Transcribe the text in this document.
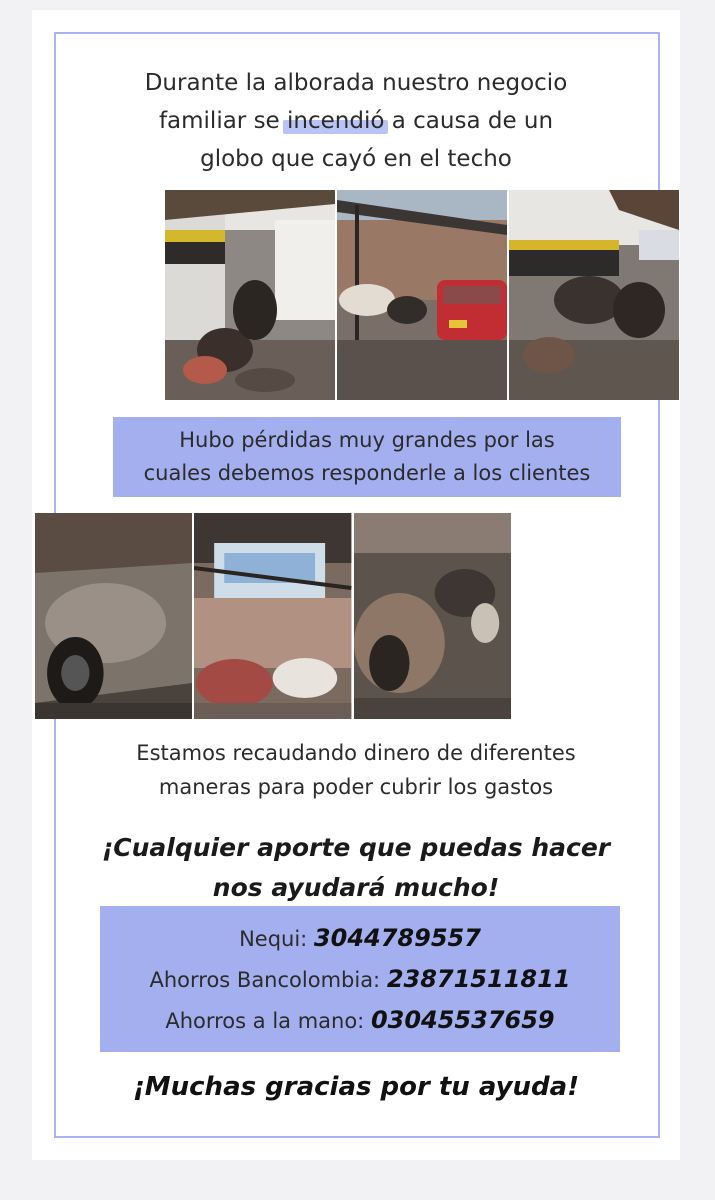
Durante la alborada nuestro negocio
familiar se incendió a causa de un
globo que cayó en el techo
Hubo pérdidas muy grandes por las
cuales debemos responderle a los clientes
Estamos recaudando dinero de diferentes
maneras para poder cubrir los gastos
¡Cualquier aporte que puedas hacer
nos ayudará mucho!
Nequi: 3044789557
Ahorros Bancolombia: 23871511811
Ahorros a la mano: 03045537659
¡Muchas gracias por tu ayuda!
